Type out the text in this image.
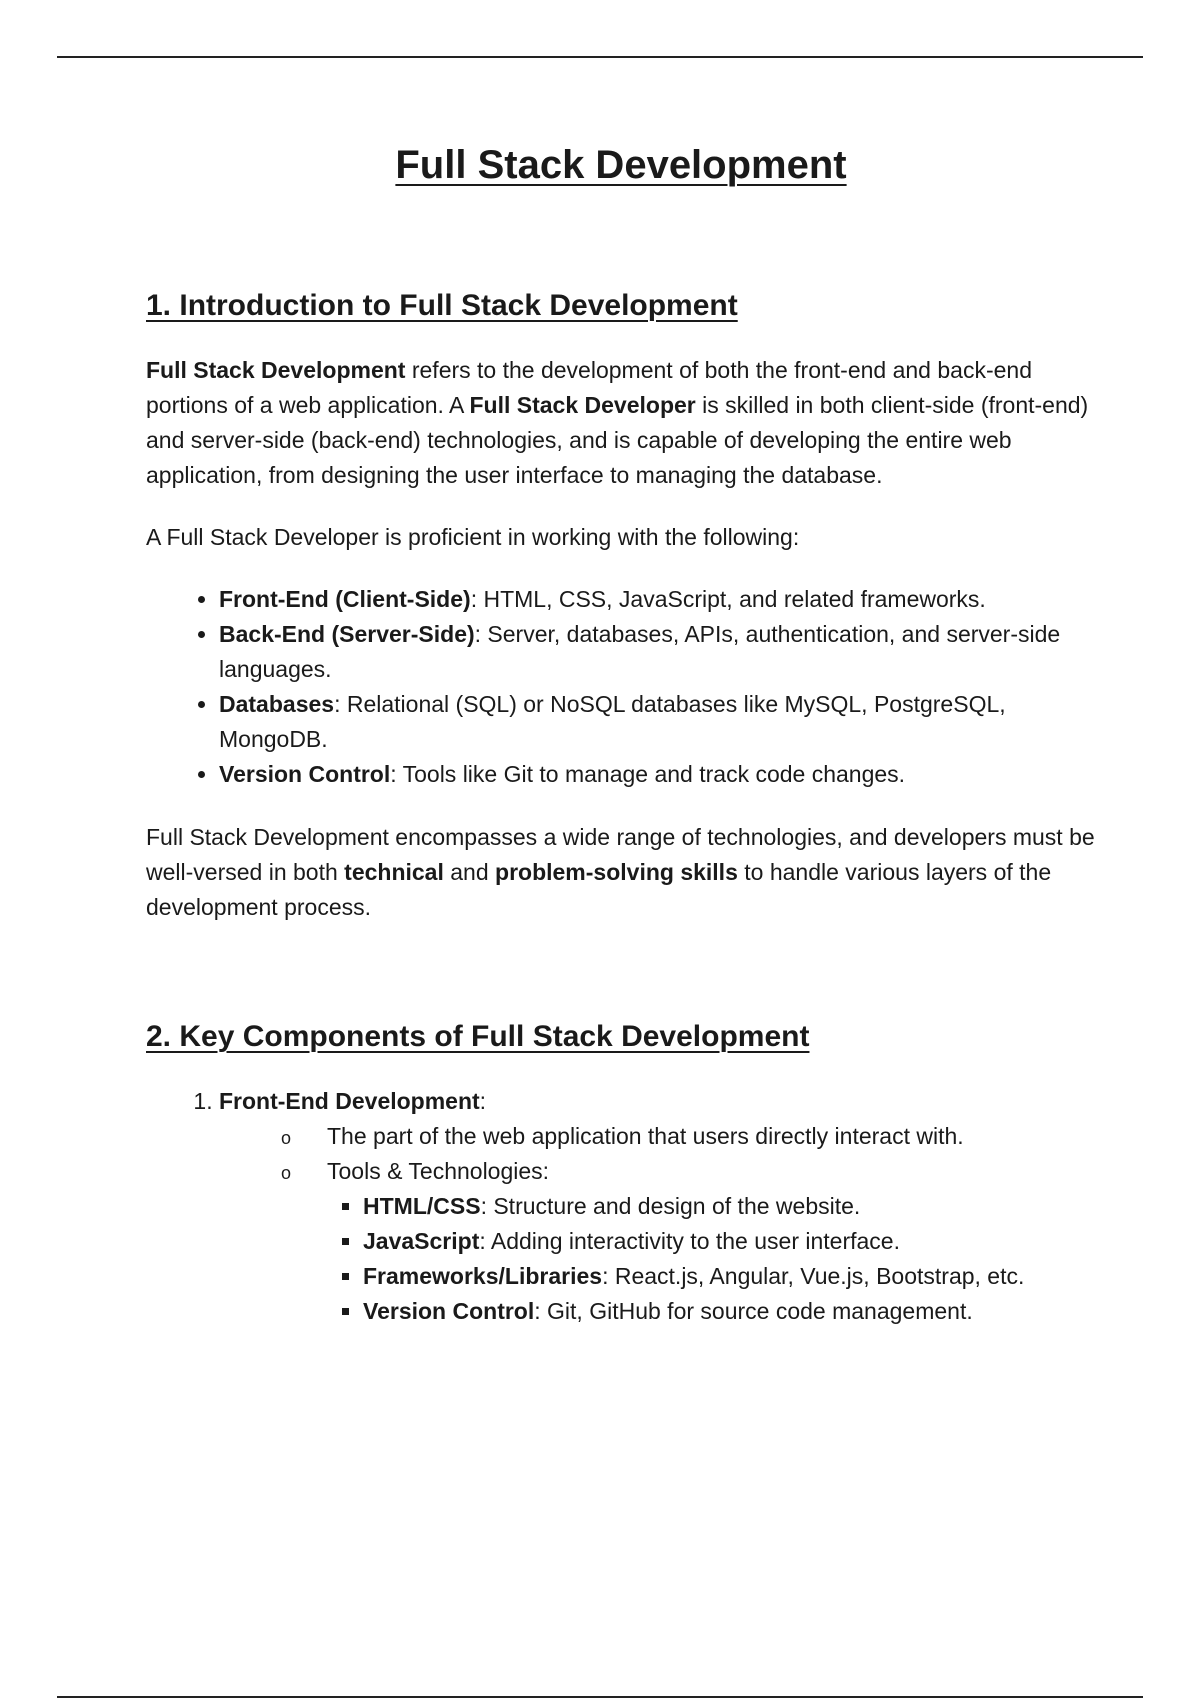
Full Stack Development
1. Introduction to Full Stack Development

Full Stack Development refers to the development of both the front-end and back-end portions of a web application. A Full Stack Developer is skilled in both client-side (front-end) and server-side (back-end) technologies, and is capable of developing the entire web application, from designing the user interface to managing the database.

A Full Stack Developer is proficient in working with the following:

• Front-End (Client-Side): HTML, CSS, JavaScript, and related frameworks.
• Back-End (Server-Side): Server, databases, APIs, authentication, and server-side languages.
• Databases: Relational (SQL) or NoSQL databases like MySQL, PostgreSQL, MongoDB.
• Version Control: Tools like Git to manage and track code changes.

Full Stack Development encompasses a wide range of technologies, and developers must be well-versed in both technical and problem-solving skills to handle various layers of the development process.

2. Key Components of Full Stack Development
1. Front-End Development:
o The part of the web application that users directly interact with.
o Tools & Technologies:
▪ HTML/CSS: Structure and design of the website.
▪ JavaScript: Adding interactivity to the user interface.
▪ Frameworks/Libraries: React.js, Angular, Vue.js, Bootstrap, etc.
▪ Version Control: Git, GitHub for source code management.
